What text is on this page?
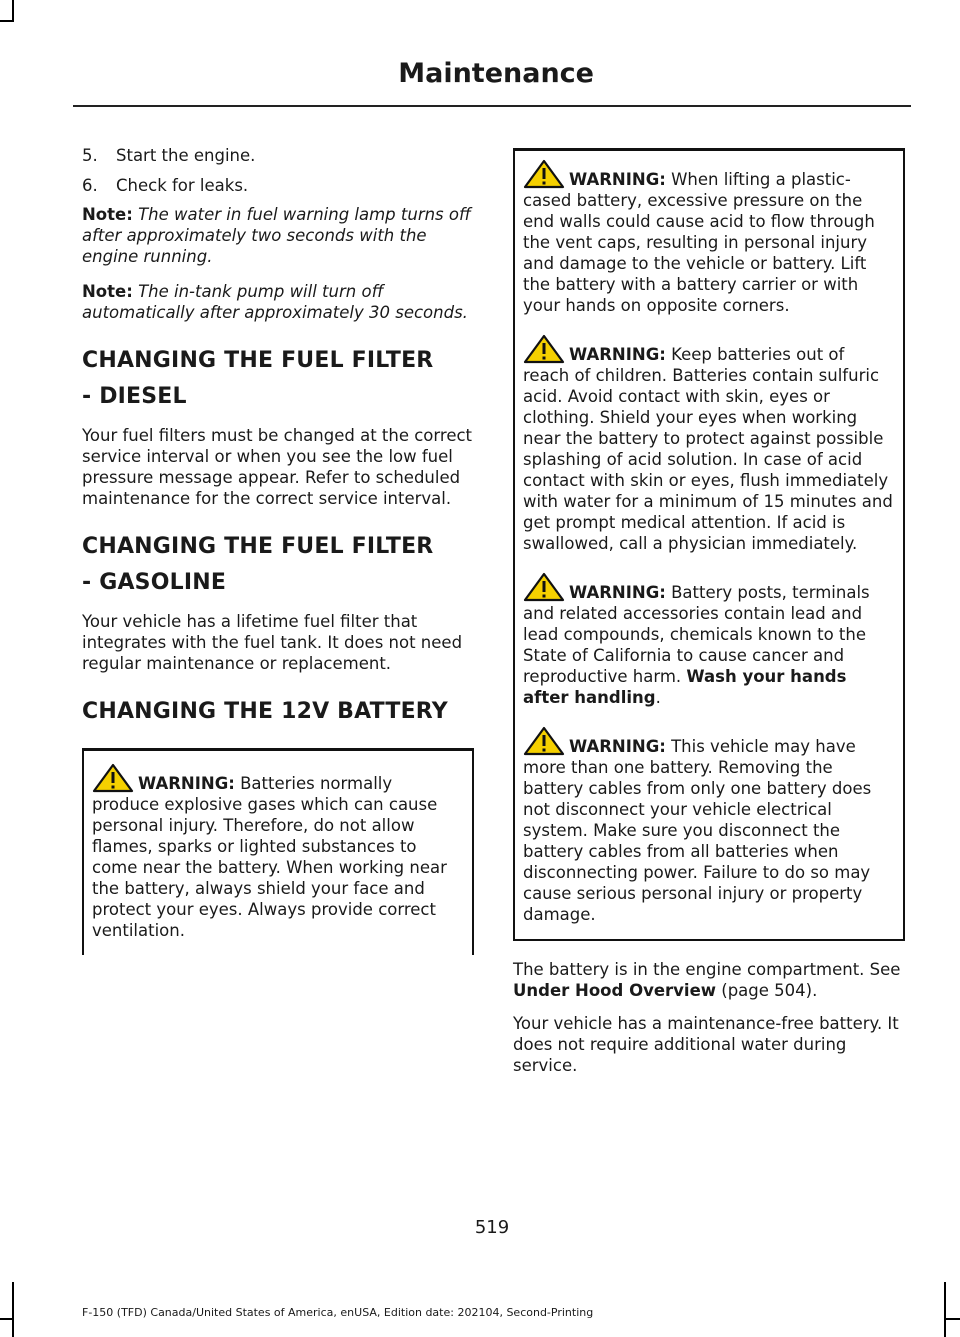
Maintenance

5. Start the engine.

6. Check for leaks.

Note: The water in fuel warning lamp turns off after approximately two seconds with the engine running.

Note: The in-tank pump will turn off automatically after approximately 30 seconds.

CHANGING THE FUEL FILTER
- DIESEL

Your fuel filters must be changed at the correct service interval or when you see the low fuel pressure message appear. Refer to scheduled maintenance for the correct service interval.

CHANGING THE FUEL FILTER
- GASOLINE

Your vehicle has a lifetime fuel filter that integrates with the fuel tank. It does not need regular maintenance or replacement.

CHANGING THE 12V BATTERY

WARNING: Batteries normally produce explosive gases which can cause personal injury. Therefore, do not allow flames, sparks or lighted substances to come near the battery. When working near the battery, always shield your face and protect your eyes. Always provide correct ventilation.

WARNING: When lifting a plastic-cased battery, excessive pressure on the end walls could cause acid to flow through the vent caps, resulting in personal injury and damage to the vehicle or battery. Lift the battery with a battery carrier or with your hands on opposite corners.

WARNING: Keep batteries out of reach of children. Batteries contain sulfuric acid. Avoid contact with skin, eyes or clothing. Shield your eyes when working near the battery to protect against possible splashing of acid solution. In case of acid contact with skin or eyes, flush immediately with water for a minimum of 15 minutes and get prompt medical attention. If acid is swallowed, call a physician immediately.

WARNING: Battery posts, terminals and related accessories contain lead and lead compounds, chemicals known to the State of California to cause cancer and reproductive harm. Wash your hands after handling.

WARNING: This vehicle may have more than one battery. Removing the battery cables from only one battery does not disconnect your vehicle electrical system. Make sure you disconnect the battery cables from all batteries when disconnecting power. Failure to do so may cause serious personal injury or property damage.

The battery is in the engine compartment. See Under Hood Overview (page 504).

Your vehicle has a maintenance-free battery. It does not require additional water during service.

519

F-150 (TFD) Canada/United States of America, enUSA, Edition date: 202104, Second-Printing
